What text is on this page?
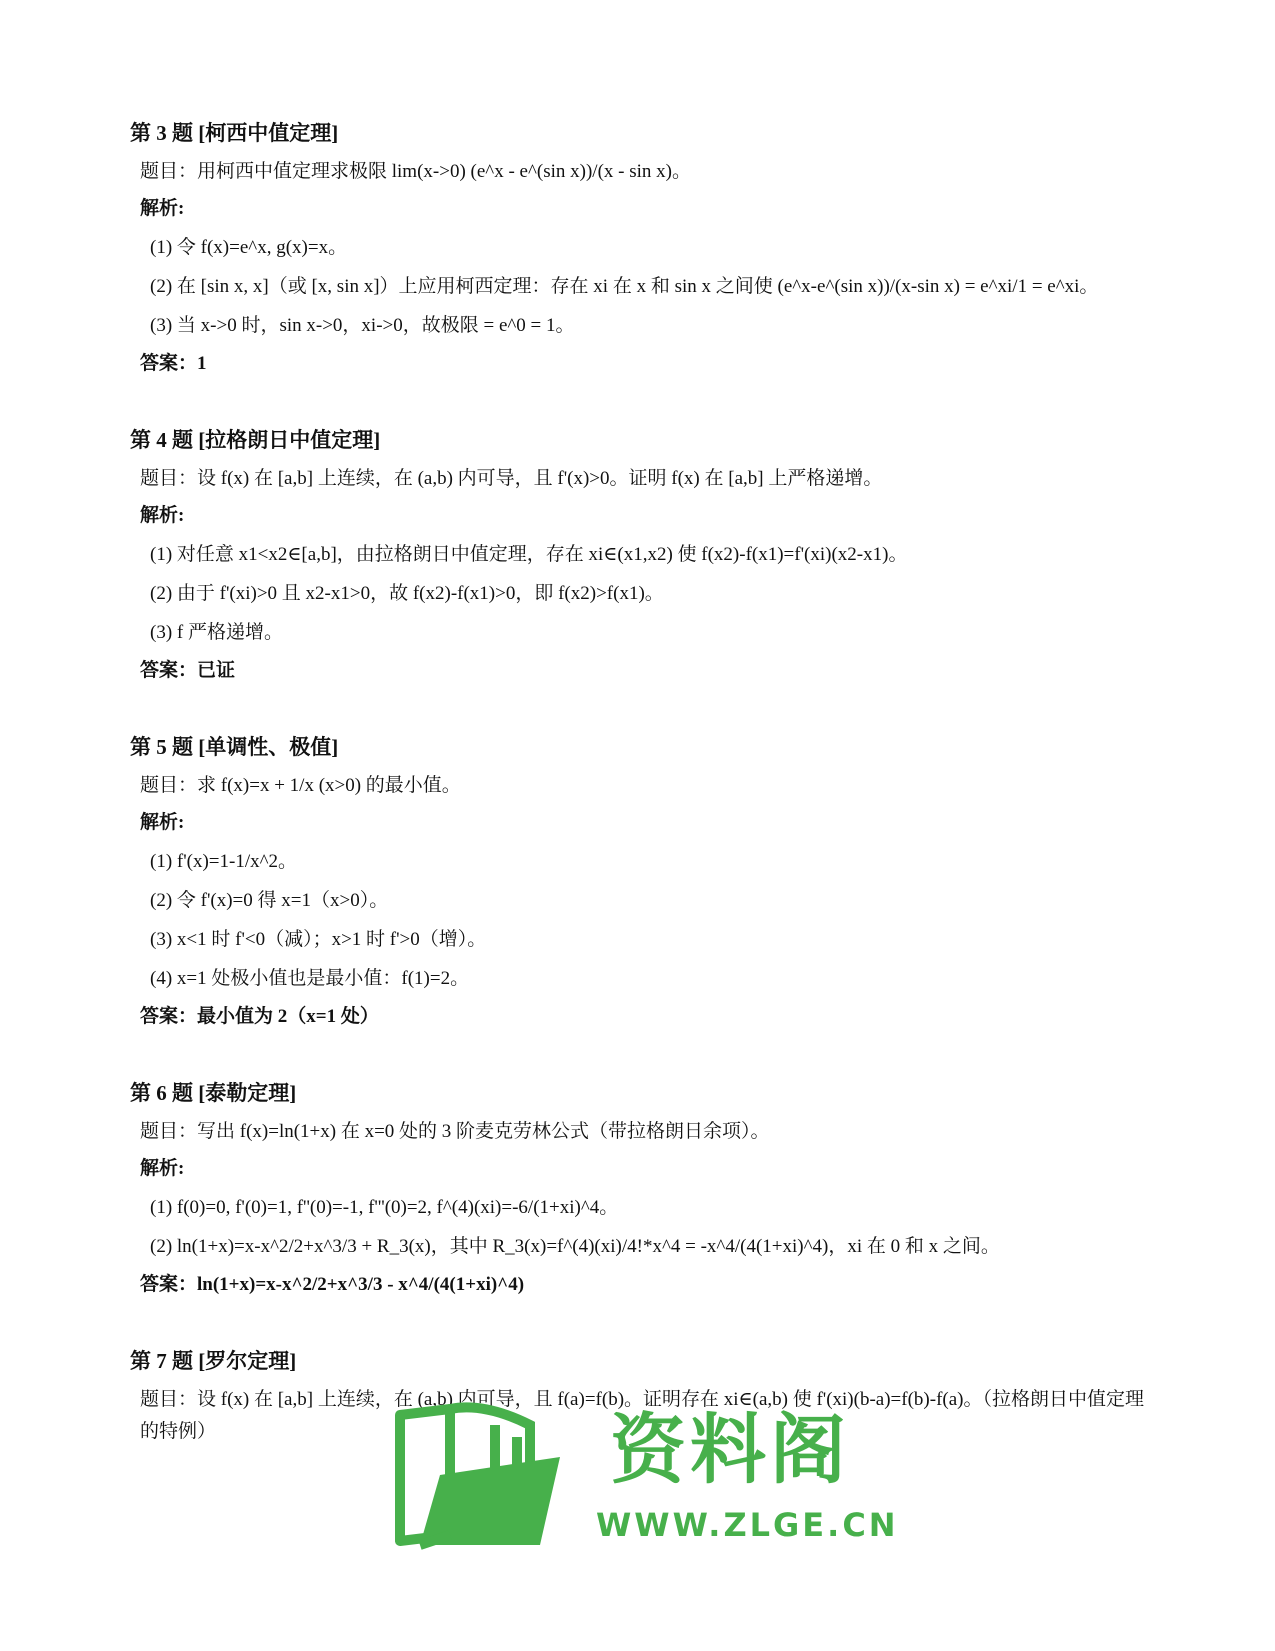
第 3 题 [柯西中值定理]
题目：用柯西中值定理求极限 lim(x->0) (e^x - e^(sin x))/(x - sin x)。
解析:
(1) 令 f(x)=e^x, g(x)=x。
(2) 在 [sin x, x]（或 [x, sin x]）上应用柯西定理：存在 xi 在 x 和 sin x 之间使 (e^x-e^(sin x))/(x-sin x) = e^xi/1 = e^xi。
(3) 当 x->0 时，sin x->0，xi->0，故极限 = e^0 = 1。
答案：1
第 4 题 [拉格朗日中值定理]
题目：设 f(x) 在 [a,b] 上连续，在 (a,b) 内可导，且 f'(x)>0。证明 f(x) 在 [a,b] 上严格递增。
解析:
(1) 对任意 x1<x2∈[a,b]，由拉格朗日中值定理，存在 xi∈(x1,x2) 使 f(x2)-f(x1)=f'(xi)(x2-x1)。
(2) 由于 f'(xi)>0 且 x2-x1>0，故 f(x2)-f(x1)>0，即 f(x2)>f(x1)。
(3) f 严格递增。
答案：已证
第 5 题 [单调性、极值]
题目：求 f(x)=x + 1/x (x>0) 的最小值。
解析:
(1) f'(x)=1-1/x^2。
(2) 令 f'(x)=0 得 x=1（x>0）。
(3) x<1 时 f'<0（减）；x>1 时 f'>0（增）。
(4) x=1 处极小值也是最小值：f(1)=2。
答案：最小值为 2（x=1 处）
第 6 题 [泰勒定理]
题目：写出 f(x)=ln(1+x) 在 x=0 处的 3 阶麦克劳林公式（带拉格朗日余项）。
解析:
(1) f(0)=0, f'(0)=1, f''(0)=-1, f'''(0)=2, f^(4)(xi)=-6/(1+xi)^4。
(2) ln(1+x)=x-x^2/2+x^3/3 + R_3(x)，其中 R_3(x)=f^(4)(xi)/4!*x^4 = -x^4/(4(1+xi)^4)，xi 在 0 和 x 之间。
答案：ln(1+x)=x-x^2/2+x^3/3 - x^4/(4(1+xi)^4)
第 7 题 [罗尔定理]
题目：设 f(x) 在 [a,b] 上连续，在 (a,b) 内可导，且 f(a)=f(b)。证明存在 xi∈(a,b) 使 f'(xi)(b-a)=f(b)-f(a)。（拉格朗日中值定理的特例）	资料阁
WWW.ZLGE.CN
